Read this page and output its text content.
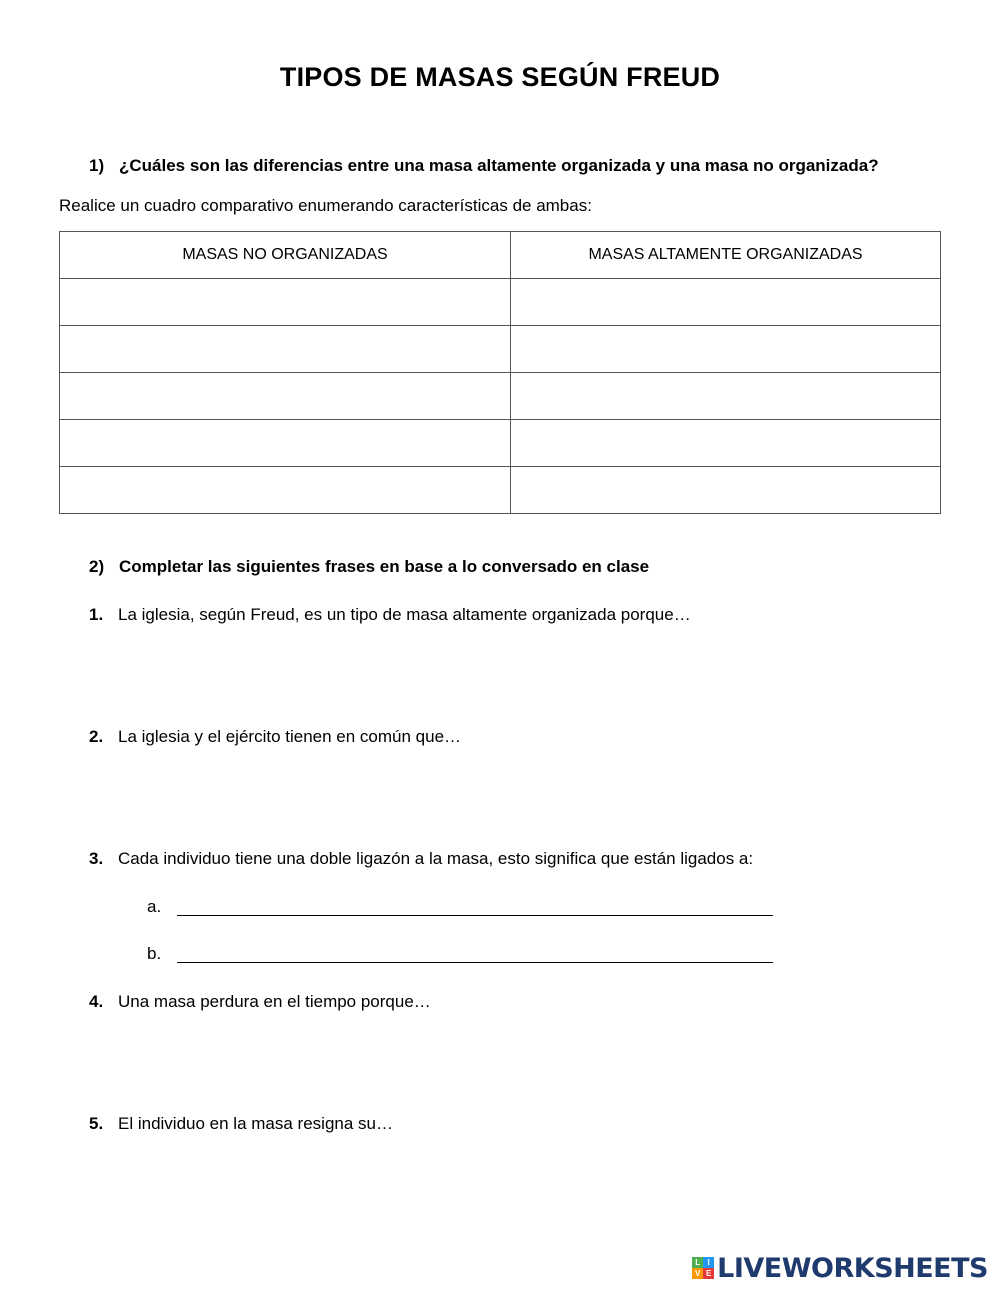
TIPOS DE MASAS SEGÚN FREUD
1) ¿Cuáles son las diferencias entre una masa altamente organizada y una masa no organizada?
Realice un cuadro comparativo enumerando características de ambas:
MASAS NO ORGANIZADAS	MASAS ALTAMENTE ORGANIZADAS

2) Completar las siguientes frases en base a lo conversado en clase
1. La iglesia, según Freud, es un tipo de masa altamente organizada porque…
2. La iglesia y el ejército tienen en común que…
3. Cada individuo tiene una doble ligazón a la masa, esto significa que están ligados a:
a.
b.
4. Una masa perdura en el tiempo porque…
5. El individuo en la masa resigna su…
L I
V E LIVEWORKSHEETS
